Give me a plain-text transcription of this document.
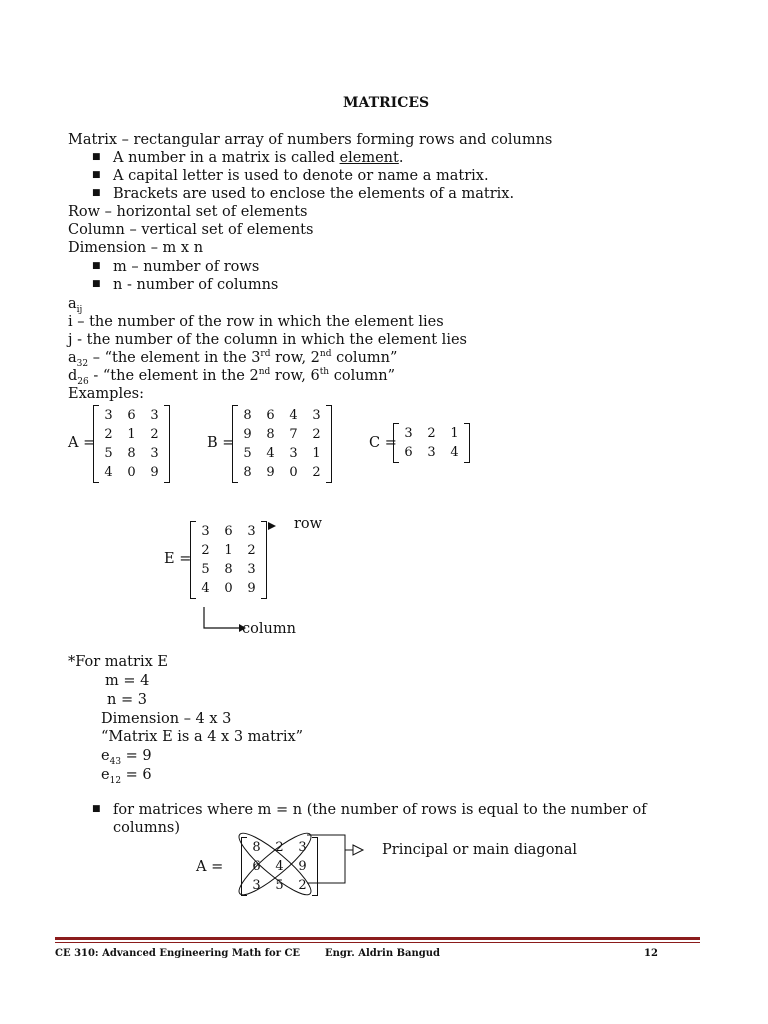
MATRICES
Matrix – rectangular array of numbers forming rows and columns
■ A number in a matrix is called element.
■ A capital letter is used to denote or name a matrix.
■ Brackets are used to enclose the elements of a matrix.
Row – horizontal set of elements
Column – vertical set of elements
Dimension – m x n
■ m – number of rows
■ n - number of columns
$a_{ij}$
i – the number of the row in which the element lies
j - the number of the column in which the element lies
$a_{32}$ – “the element in the 3rd row, 2nd column”
$d_{26}$ - “the element in the 2nd row, 6th column”
Examples:
A =
3	6	3
2	1	2
5	8	3
4	0	9
B =
8	6	4	3
9	8	7	2
5	4	3	1
8	9	0	2
C =
3	2	1
6	3	4
E =
3	6	3
2	1	2
5	8	3
4	0	9
row
column
*For matrix E
m = 4
n = 3
Dimension – 4 x 3
“Matrix E is a 4 x 3 matrix”
$e_{43} = 9$
$e_{12} = 6$
■ for matrices where m = n (the number of rows is equal to the number of
columns)
A =
8	2	3
6	4	9
3	5	2
Principal or main diagonal
CE 310: Advanced Engineering Math for CE Engr. Aldrin Bangud	12
